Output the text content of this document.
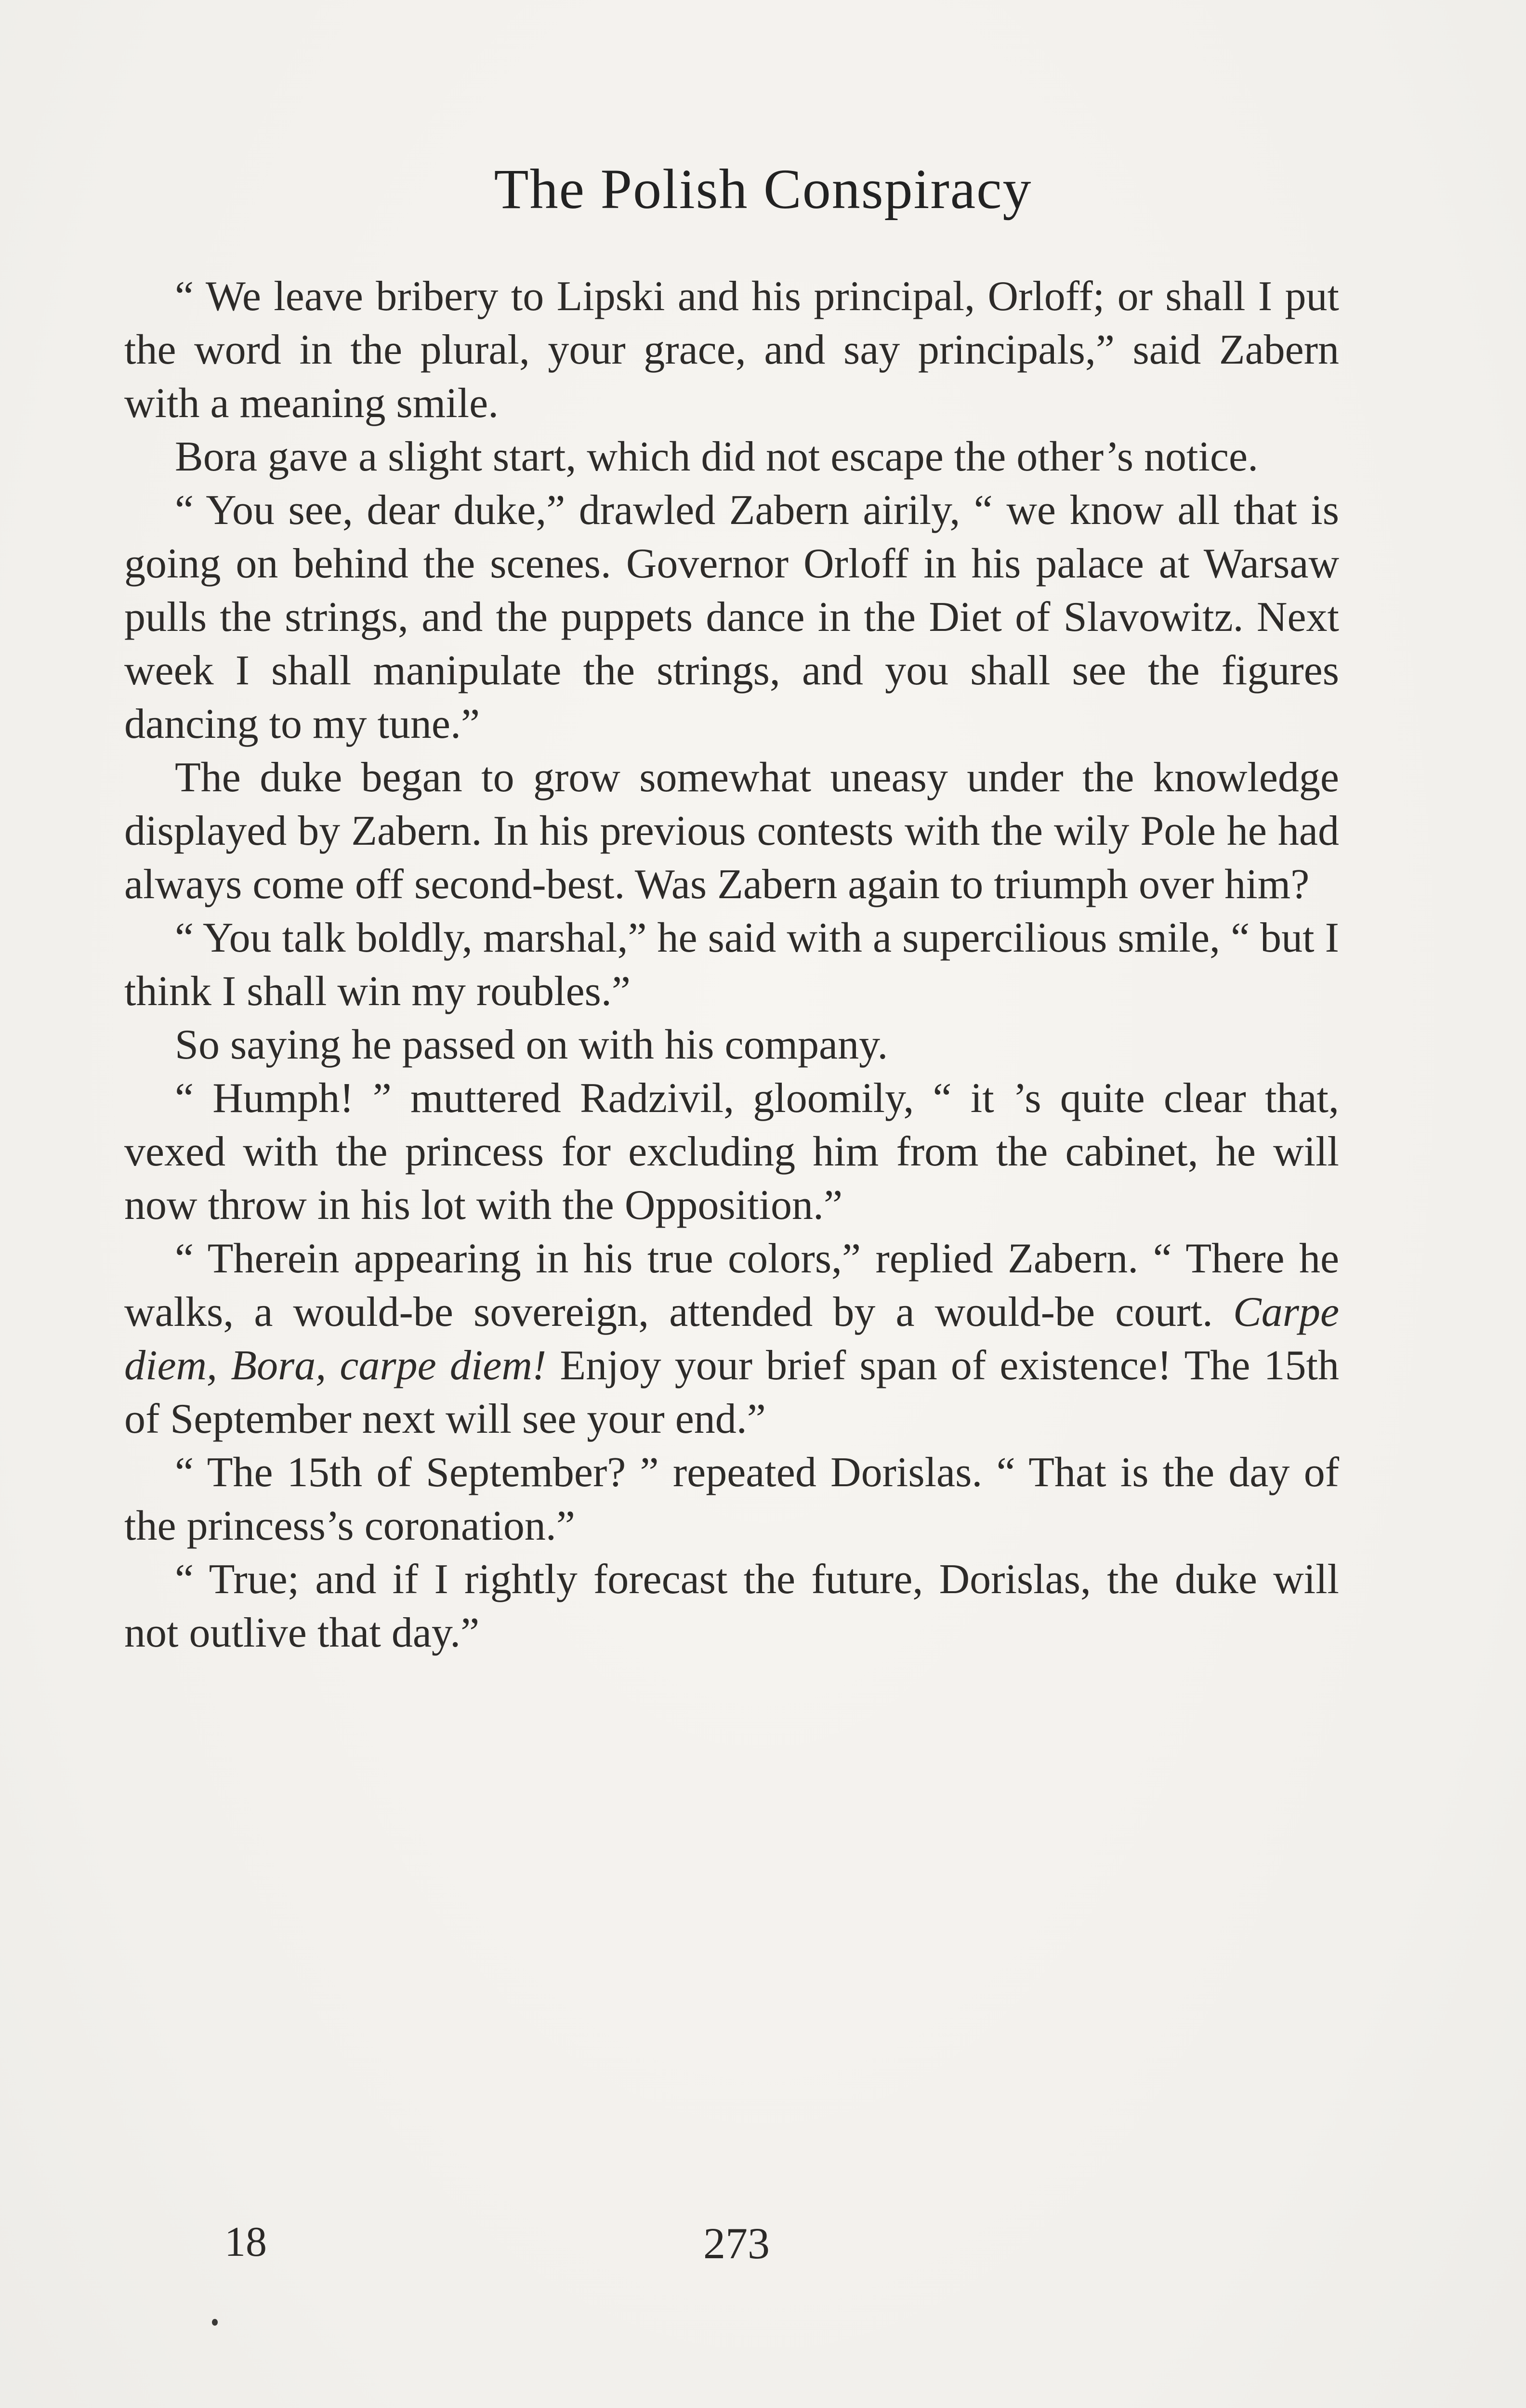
The Polish Conspiracy

“ We leave bribery to Lipski and his principal, Orloff; or shall I put the word in the plural, your grace, and say principals,” said Zabern with a meaning smile.

Bora gave a slight start, which did not escape the other’s notice.

“ You see, dear duke,” drawled Zabern airily, “ we know all that is going on behind the scenes. Governor Orloff in his palace at Warsaw pulls the strings, and the puppets dance in the Diet of Slavowitz. Next week I shall manipulate the strings, and you shall see the figures dancing to my tune.”

The duke began to grow somewhat uneasy under the knowledge displayed by Zabern. In his previous contests with the wily Pole he had always come off second-best. Was Zabern again to triumph over him?

“ You talk boldly, marshal,” he said with a supercilious smile, “ but I think I shall win my roubles.”

So saying he passed on with his company.

“ Humph! ” muttered Radzivil, gloomily, “ it ’s quite clear that, vexed with the princess for excluding him from the cabinet, he will now throw in his lot with the Opposition.”

“ Therein appearing in his true colors,” replied Zabern. “ There he walks, a would-be sovereign, attended by a would-be court. Carpe diem, Bora, carpe diem! Enjoy your brief span of existence! The 15th of September next will see your end.”

“ The 15th of September? ” repeated Dorislas. “ That is the day of the princess’s coronation.”

“ True; and if I rightly forecast the future, Dorislas, the duke will not outlive that day.”

18	273
